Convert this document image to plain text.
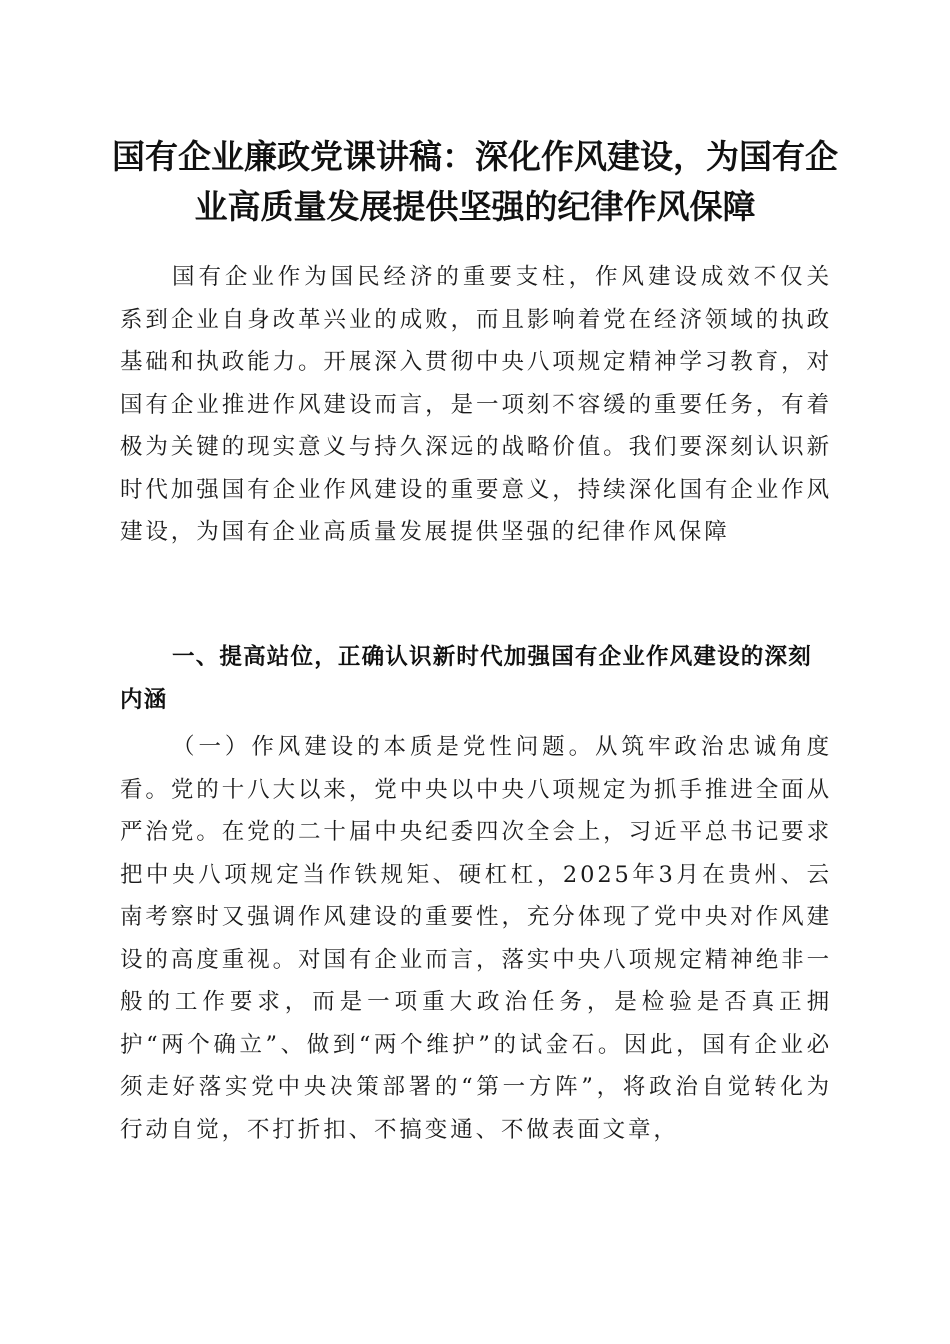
国有企业廉政党课讲稿：深化作风建设，为国有企业高质量发展提供坚强的纪律作风保障

国有企业作为国民经济的重要支柱，作风建设成效不仅关系到企业自身改革兴业的成败，而且影响着党在经济领域的执政基础和执政能力。开展深入贯彻中央八项规定精神学习教育，对国有企业推进作风建设而言，是一项刻不容缓的重要任务，有着极为关键的现实意义与持久深远的战略价值。我们要深刻认识新时代加强国有企业作风建设的重要意义，持续深化国有企业作风建设，为国有企业高质量发展提供坚强的纪律作风保障

一、提高站位，正确认识新时代加强国有企业作风建设的深刻内涵

（一）作风建设的本质是党性问题。从筑牢政治忠诚角度看。党的十八大以来，党中央以中央八项规定为抓手推进全面从严治党。在党的二十届中央纪委四次全会上，习近平总书记要求把中央八项规定当作铁规矩、硬杠杠，2025年3月在贵州、云南考察时又强调作风建设的重要性，充分体现了党中央对作风建设的高度重视。对国有企业而言，落实中央八项规定精神绝非一般的工作要求，而是一项重大政治任务，是检验是否真正拥护“两个确立”、做到“两个维护”的试金石。因此，国有企业必须走好落实党中央决策部署的“第一方阵”，将政治自觉转化为行动自觉，不打折扣、不搞变通、不做表面文章，
